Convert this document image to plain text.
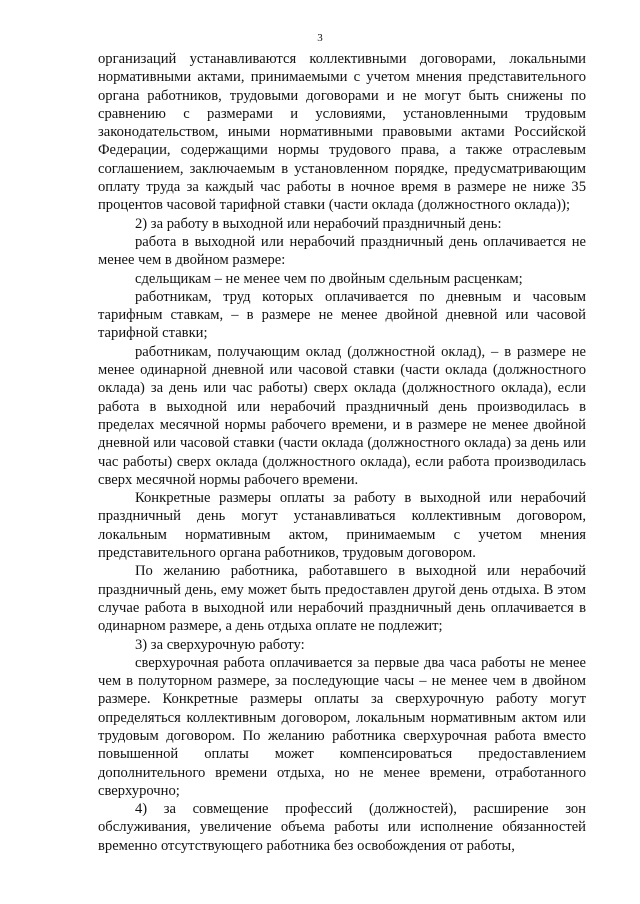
3

организаций устанавливаются коллективными договорами, локальными нормативными актами, принимаемыми с учетом мнения представительного органа работников, трудовыми договорами и не могут быть снижены по сравнению с размерами и условиями, установленными трудовым законодательством, иными нормативными правовыми актами Российской Федерации, содержащими нормы трудового права, а также отраслевым соглашением, заключаемым в установленном порядке, предусматривающим оплату труда за каждый час работы в ночное время в размере не ниже 35 процентов часовой тарифной ставки (части оклада (должностного оклада));

2) за работу в выходной или нерабочий праздничный день:

работа в выходной или нерабочий праздничный день оплачивается не менее чем в двойном размере:

сдельщикам – не менее чем по двойным сдельным расценкам;

работникам, труд которых оплачивается по дневным и часовым тарифным ставкам, – в размере не менее двойной дневной или часовой тарифной ставки;

работникам, получающим оклад (должностной оклад), – в размере не менее одинарной дневной или часовой ставки (части оклада (должностного оклада) за день или час работы) сверх оклада (должностного оклада), если работа в выходной или нерабочий праздничный день производилась в пределах месячной нормы рабочего времени, и в размере не менее двойной дневной или часовой ставки (части оклада (должностного оклада) за день или час работы) сверх оклада (должностного оклада), если работа производилась сверх месячной нормы рабочего времени.

Конкретные размеры оплаты за работу в выходной или нерабочий праздничный день могут устанавливаться коллективным договором, локальным нормативным актом, принимаемым с учетом мнения представительного органа работников, трудовым договором.

По желанию работника, работавшего в выходной или нерабочий праздничный день, ему может быть предоставлен другой день отдыха. В этом случае работа в выходной или нерабочий праздничный день оплачивается в одинарном размере, а день отдыха оплате не подлежит;

3) за сверхурочную работу:

сверхурочная работа оплачивается за первые два часа работы не менее чем в полуторном размере, за последующие часы – не менее чем в двойном размере. Конкретные размеры оплаты за сверхурочную работу могут определяться коллективным договором, локальным нормативным актом или трудовым договором. По желанию работника сверхурочная работа вместо повышенной оплаты может компенсироваться предоставлением дополнительного времени отдыха, но не менее времени, отработанного сверхурочно;

4) за совмещение профессий (должностей), расширение зон обслуживания, увеличение объема работы или исполнение обязанностей временно отсутствующего работника без освобождения от работы,
